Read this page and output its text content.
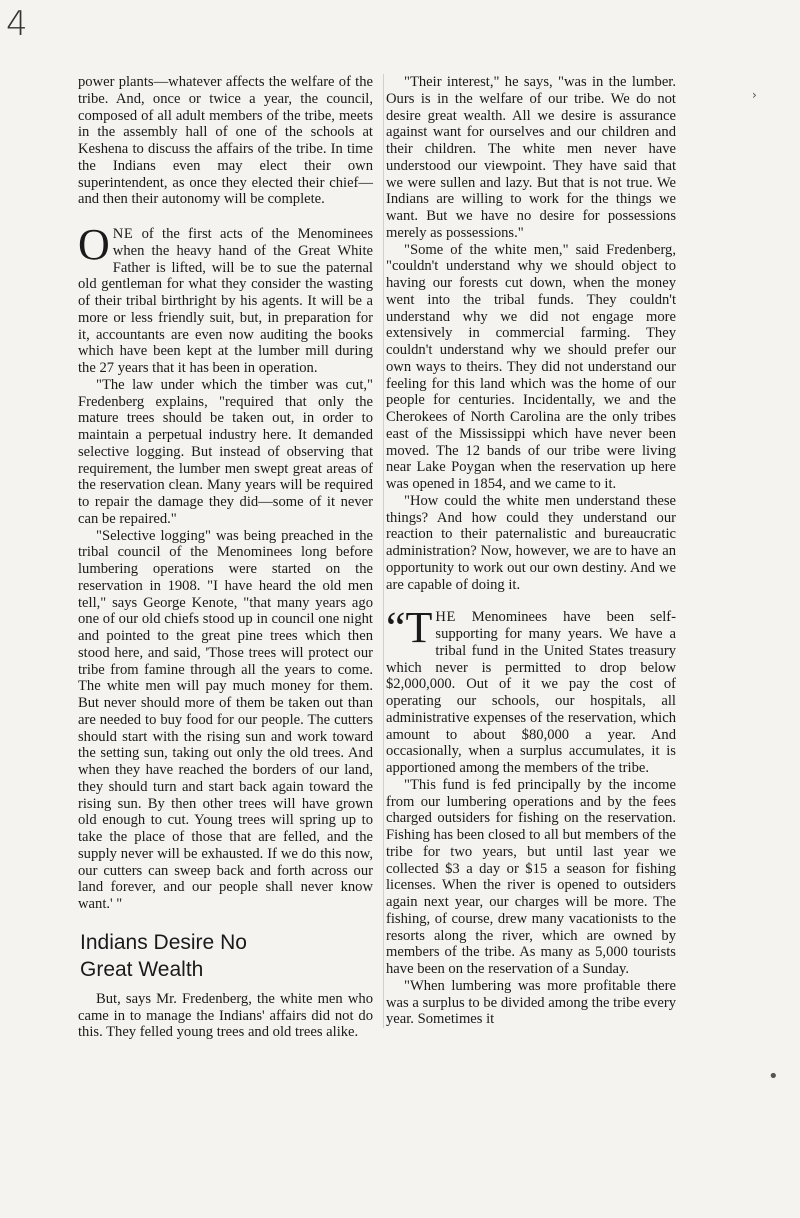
4
›
•

power plants—whatever affects the welfare of the tribe. And, once or twice a year, the council, composed of all adult members of the tribe, meets in the assembly hall of one of the schools at Keshena to discuss the affairs of the tribe. In time the Indians even may elect their own superintendent, as once they elected their chief—and then their autonomy will be complete.

ONE of the first acts of the Menominees when the heavy hand of the Great White Father is lifted, will be to sue the paternal old gentleman for what they consider the wasting of their tribal birthright by his agents. It will be a more or less friendly suit, but, in preparation for it, accountants are even now auditing the books which have been kept at the lumber mill during the 27 years that it has been in operation.

"The law under which the timber was cut," Fredenberg explains, "required that only the mature trees should be taken out, in order to maintain a perpetual industry here. It demanded selective logging. But instead of observing that requirement, the lumber men swept great areas of the reservation clean. Many years will be required to repair the damage they did—some of it never can be repaired."

"Selective logging" was being preached in the tribal council of the Menominees long before lumbering operations were started on the reservation in 1908. "I have heard the old men tell," says George Kenote, "that many years ago one of our old chiefs stood up in council one night and pointed to the great pine trees which then stood here, and said, 'Those trees will protect our tribe from famine through all the years to come. The white men will pay much money for them. But never should more of them be taken out than are needed to buy food for our people. The cutters should start with the rising sun and work toward the setting sun, taking out only the old trees. And when they have reached the borders of our land, they should turn and start back again toward the rising sun. By then other trees will have grown old enough to cut. Young trees will spring up to take the place of those that are felled, and the supply never will be exhausted. If we do this now, our cutters can sweep back and forth across our land forever, and our people shall never know want.' "

Indians Desire No
Great Wealth

But, says Mr. Fredenberg, the white men who came in to manage the Indians' affairs did not do this. They felled young trees and old trees alike.

"Their interest," he says, "was in the lumber. Ours is in the welfare of our tribe. We do not desire great wealth. All we desire is assurance against want for ourselves and our children and their children. The white men never have understood our viewpoint. They have said that we were sullen and lazy. But that is not true. We Indians are willing to work for the things we want. But we have no desire for possessions merely as possessions."

"Some of the white men," said Fredenberg, "couldn't understand why we should object to having our forests cut down, when the money went into the tribal funds. They couldn't understand why we did not engage more extensively in commercial farming. They couldn't understand why we should prefer our own ways to theirs. They did not understand our feeling for this land which was the home of our people for centuries. Incidentally, we and the Cherokees of North Carolina are the only tribes east of the Mississippi which have never been moved. The 12 bands of our tribe were living near Lake Poygan when the reservation up here was opened in 1854, and we came to it.

"How could the white men understand these things? And how could they understand our reaction to their paternalistic and bureaucratic administration? Now, however, we are to have an opportunity to work out our own destiny. And we are capable of doing it.

“THE Menominees have been self-supporting for many years. We have a tribal fund in the United States treasury which never is permitted to drop below $2,000,000. Out of it we pay the cost of operating our schools, our hospitals, all administrative expenses of the reservation, which amount to about $80,000 a year. And occasionally, when a surplus accumulates, it is apportioned among the members of the tribe.

"This fund is fed principally by the income from our lumbering operations and by the fees charged outsiders for fishing on the reservation. Fishing has been closed to all but members of the tribe for two years, but until last year we collected $3 a day or $15 a season for fishing licenses. When the river is opened to outsiders again next year, our charges will be more. The fishing, of course, drew many vacationists to the resorts along the river, which are owned by members of the tribe. As many as 5,000 tourists have been on the reservation of a Sunday.

"When lumbering was more profitable there was a surplus to be divided among the tribe every year. Sometimes it
